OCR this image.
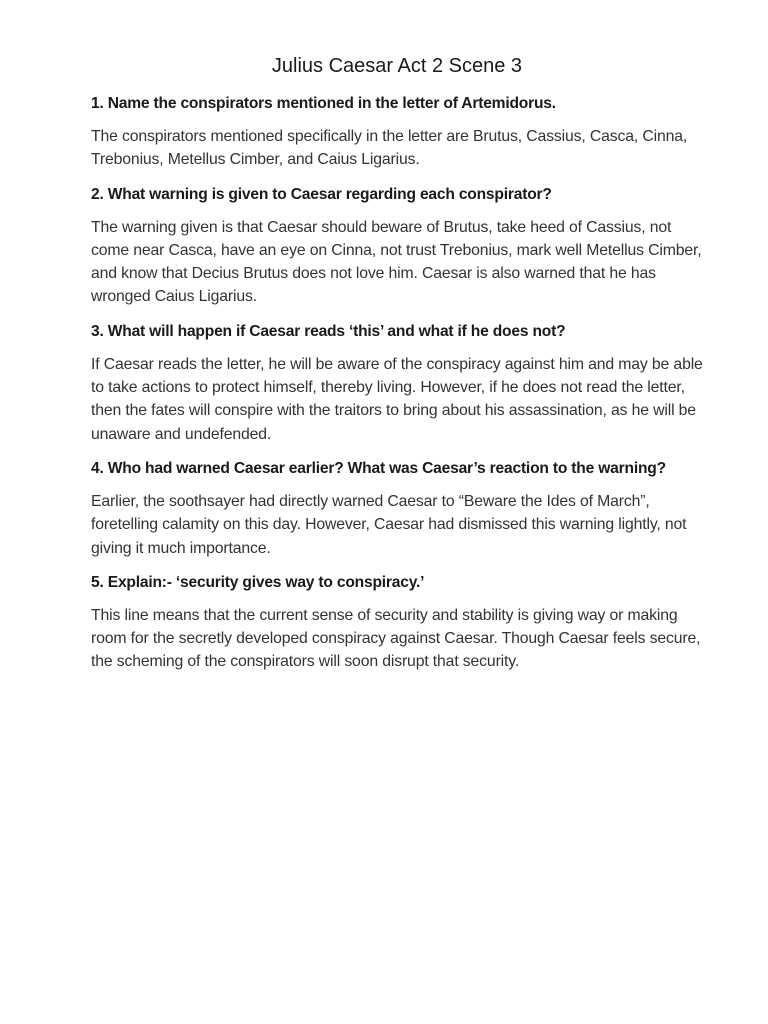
Julius Caesar Act 2 Scene 3

1. Name the conspirators mentioned in the letter of Artemidorus.

The conspirators mentioned specifically in the letter are Brutus, Cassius, Casca, Cinna, Trebonius, Metellus Cimber, and Caius Ligarius.

2. What warning is given to Caesar regarding each conspirator?

The warning given is that Caesar should beware of Brutus, take heed of Cassius, not come near Casca, have an eye on Cinna, not trust Trebonius, mark well Metellus Cimber, and know that Decius Brutus does not love him. Caesar is also warned that he has wronged Caius Ligarius.

3. What will happen if Caesar reads ‘this’ and what if he does not?

If Caesar reads the letter, he will be aware of the conspiracy against him and may be able to take actions to protect himself, thereby living. However, if he does not read the letter, then the fates will conspire with the traitors to bring about his assassination, as he will be unaware and undefended.

4. Who had warned Caesar earlier? What was Caesar’s reaction to the warning?

Earlier, the soothsayer had directly warned Caesar to “Beware the Ides of March”, foretelling calamity on this day. However, Caesar had dismissed this warning lightly, not giving it much importance.

5. Explain:- ‘security gives way to conspiracy.’

This line means that the current sense of security and stability is giving way or making room for the secretly developed conspiracy against Caesar. Though Caesar feels secure, the scheming of the conspirators will soon disrupt that security.
